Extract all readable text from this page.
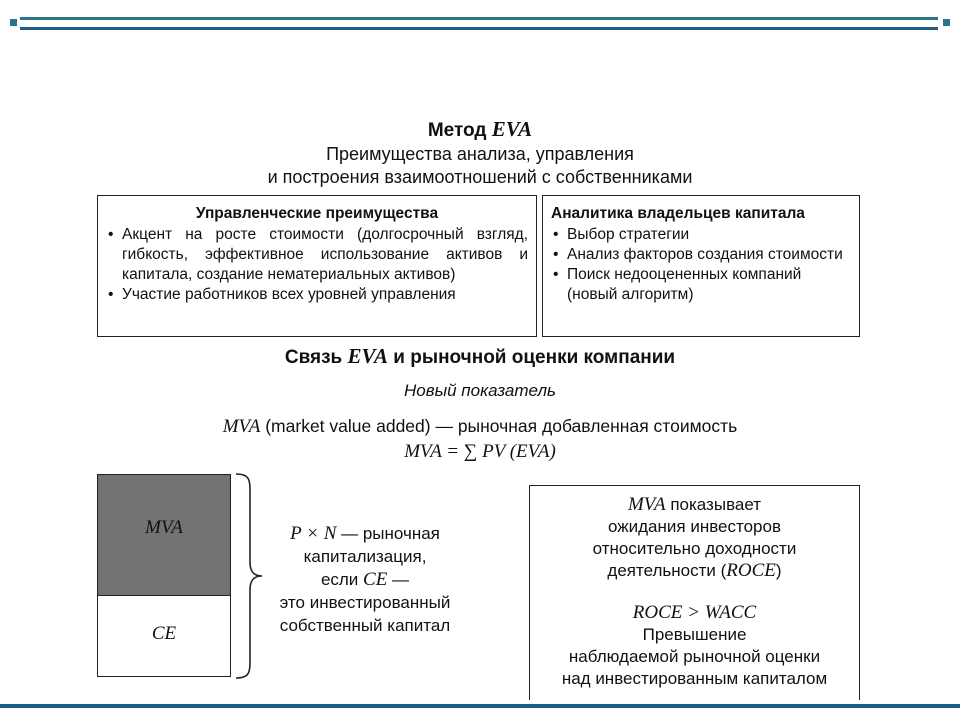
Метод EVA
Преимущества анализа, управления
и построения взаимоотношений с собственниками
Управленческие преимущества
• Акцент на росте стоимости (долгосрочный взгляд, гибкость, эффективное использование активов и капитала, создание нематериальных активов)
• Участие работников всех уровней управления
Аналитика владельцев капитала
• Выбор стратегии
• Анализ факторов создания стоимости
• Поиск недооцененных компаний (новый алгоритм)
Связь EVA и рыночной оценки компании
Новый показатель
MVA (market value added) — рыночная добавленная стоимость
MVA = ∑ PV (EVA)
MVA
CE
P × N — рыночная
капитализация,
если CE —
это инвестированный
собственный капитал
MVA показывает
ожидания инвесторов
относительно доходности
деятельности (ROCE)
ROCE > WACC
Превышение
наблюдаемой рыночной оценки
над инвестированным капиталом
